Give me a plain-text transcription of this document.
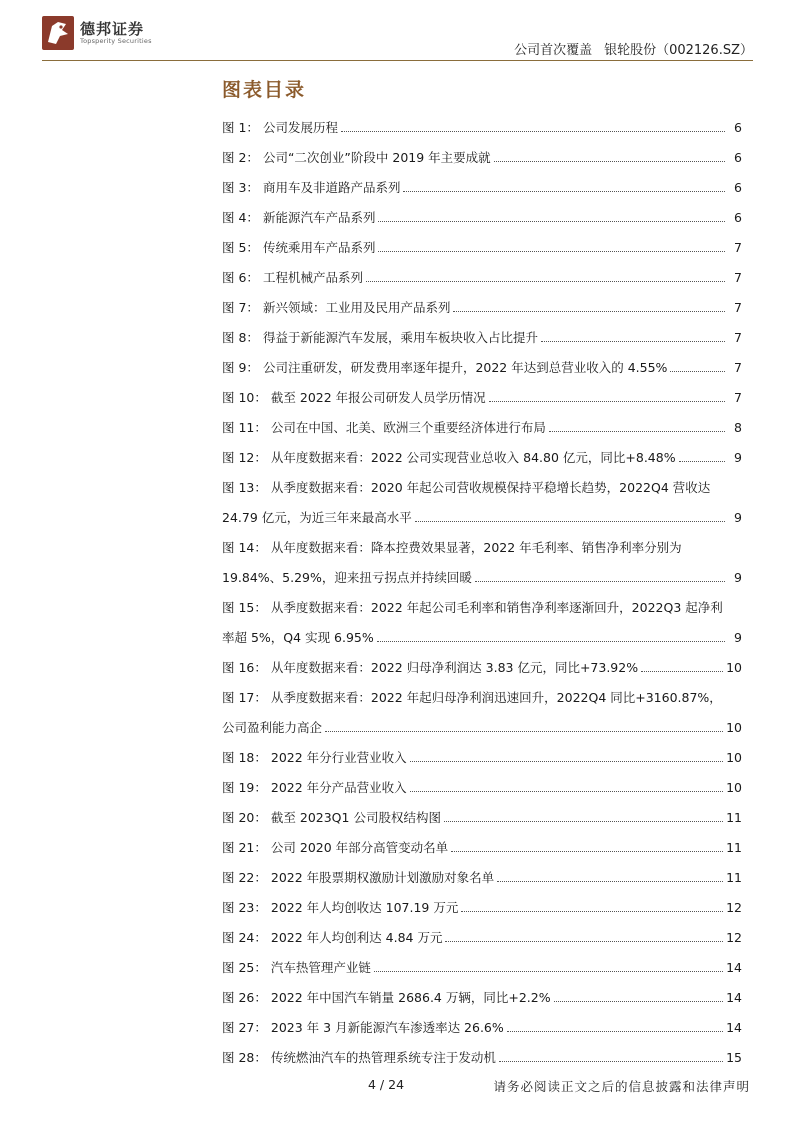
德邦证券
Topsperity Securities
公司首次覆盖 银轮股份（002126.SZ）
图表目录
图 1： 公司发展历程	6
图 2： 公司“二次创业”阶段中 2019 年主要成就	6
图 3： 商用车及非道路产品系列	6
图 4： 新能源汽车产品系列	6
图 5： 传统乘用车产品系列	7
图 6： 工程机械产品系列	7
图 7： 新兴领域：工业用及民用产品系列	7
图 8： 得益于新能源汽车发展，乘用车板块收入占比提升	7
图 9： 公司注重研发，研发费用率逐年提升，2022 年达到总营业收入的 4.55%	7
图 10： 截至 2022 年报公司研发人员学历情况	7
图 11： 公司在中国、北美、欧洲三个重要经济体进行布局	8
图 12： 从年度数据来看：2022 公司实现营业总收入 84.80 亿元，同比+8.48%	9
图 13： 从季度数据来看：2020 年起公司营收规模保持平稳增长趋势，2022Q4 营收达
24.79 亿元，为近三年来最高水平	9
图 14： 从年度数据来看：降本控费效果显著，2022 年毛利率、销售净利率分别为
19.84%、5.29%，迎来扭亏拐点并持续回暖	9
图 15： 从季度数据来看：2022 年起公司毛利率和销售净利率逐渐回升，2022Q3 起净利
率超 5%，Q4 实现 6.95%	9
图 16： 从年度数据来看：2022 归母净利润达 3.83 亿元，同比+73.92%	10
图 17： 从季度数据来看：2022 年起归母净利润迅速回升，2022Q4 同比+3160.87%，
公司盈利能力高企	10
图 18： 2022 年分行业营业收入	10
图 19： 2022 年分产品营业收入	10
图 20： 截至 2023Q1 公司股权结构图	11
图 21： 公司 2020 年部分高管变动名单	11
图 22： 2022 年股票期权激励计划激励对象名单	11
图 23： 2022 年人均创收达 107.19 万元	12
图 24： 2022 年人均创利达 4.84 万元	12
图 25： 汽车热管理产业链	14
图 26： 2022 年中国汽车销量 2686.4 万辆，同比+2.2%	14
图 27： 2023 年 3 月新能源汽车渗透率达 26.6%	14
图 28： 传统燃油汽车的热管理系统专注于发动机	15
4 / 24	请务必阅读正文之后的信息披露和法律声明
